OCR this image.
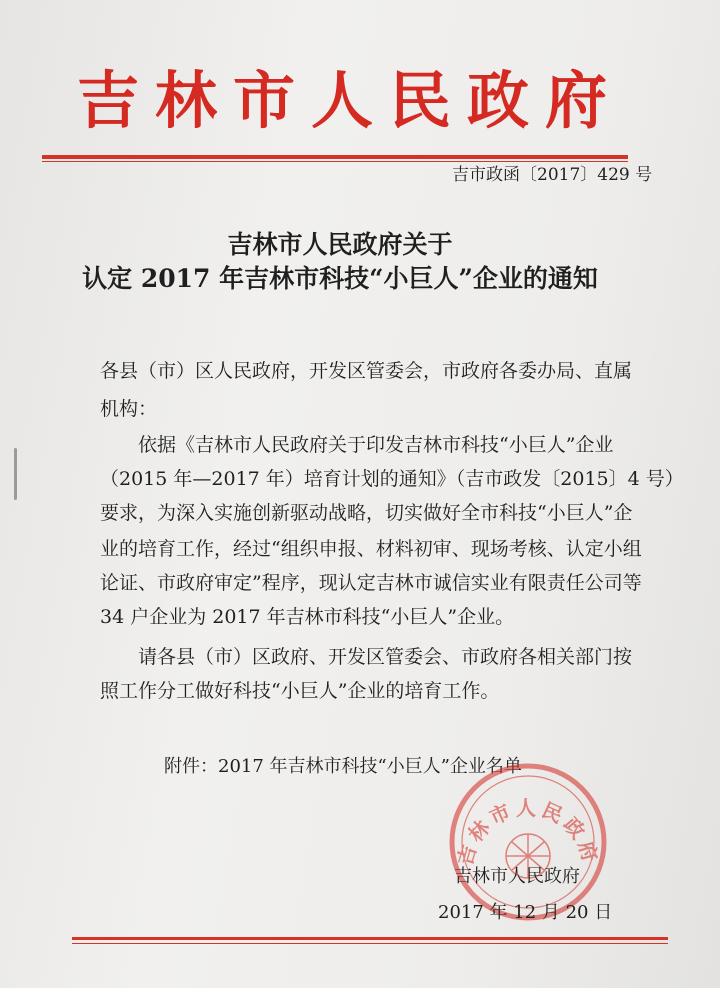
吉林市人民政府
吉市政函〔2017〕429 号
吉林市人民政府关于
认定 2017 年吉林市科技“小巨人”企业的通知
各县（市）区人民政府，开发区管委会，市政府各委办局、直属
机构：
依据《吉林市人民政府关于印发吉林市科技“小巨人”企业
（2015 年—2017 年）培育计划的通知》（吉市政发〔2015〕4 号）
要求，为深入实施创新驱动战略，切实做好全市科技“小巨人”企
业的培育工作，经过“组织申报、材料初审、现场考核、认定小组
论证、市政府审定”程序，现认定吉林市诚信实业有限责任公司等
34 户企业为 2017 年吉林市科技“小巨人”企业。
请各县（市）区政府、开发区管委会、市政府各相关部门按
照工作分工做好科技“小巨人”企业的培育工作。
附件：2017 年吉林市科技“小巨人”企业名单
吉林市人民政府
吉林市人民政府
2017 年 12 月 20 日
